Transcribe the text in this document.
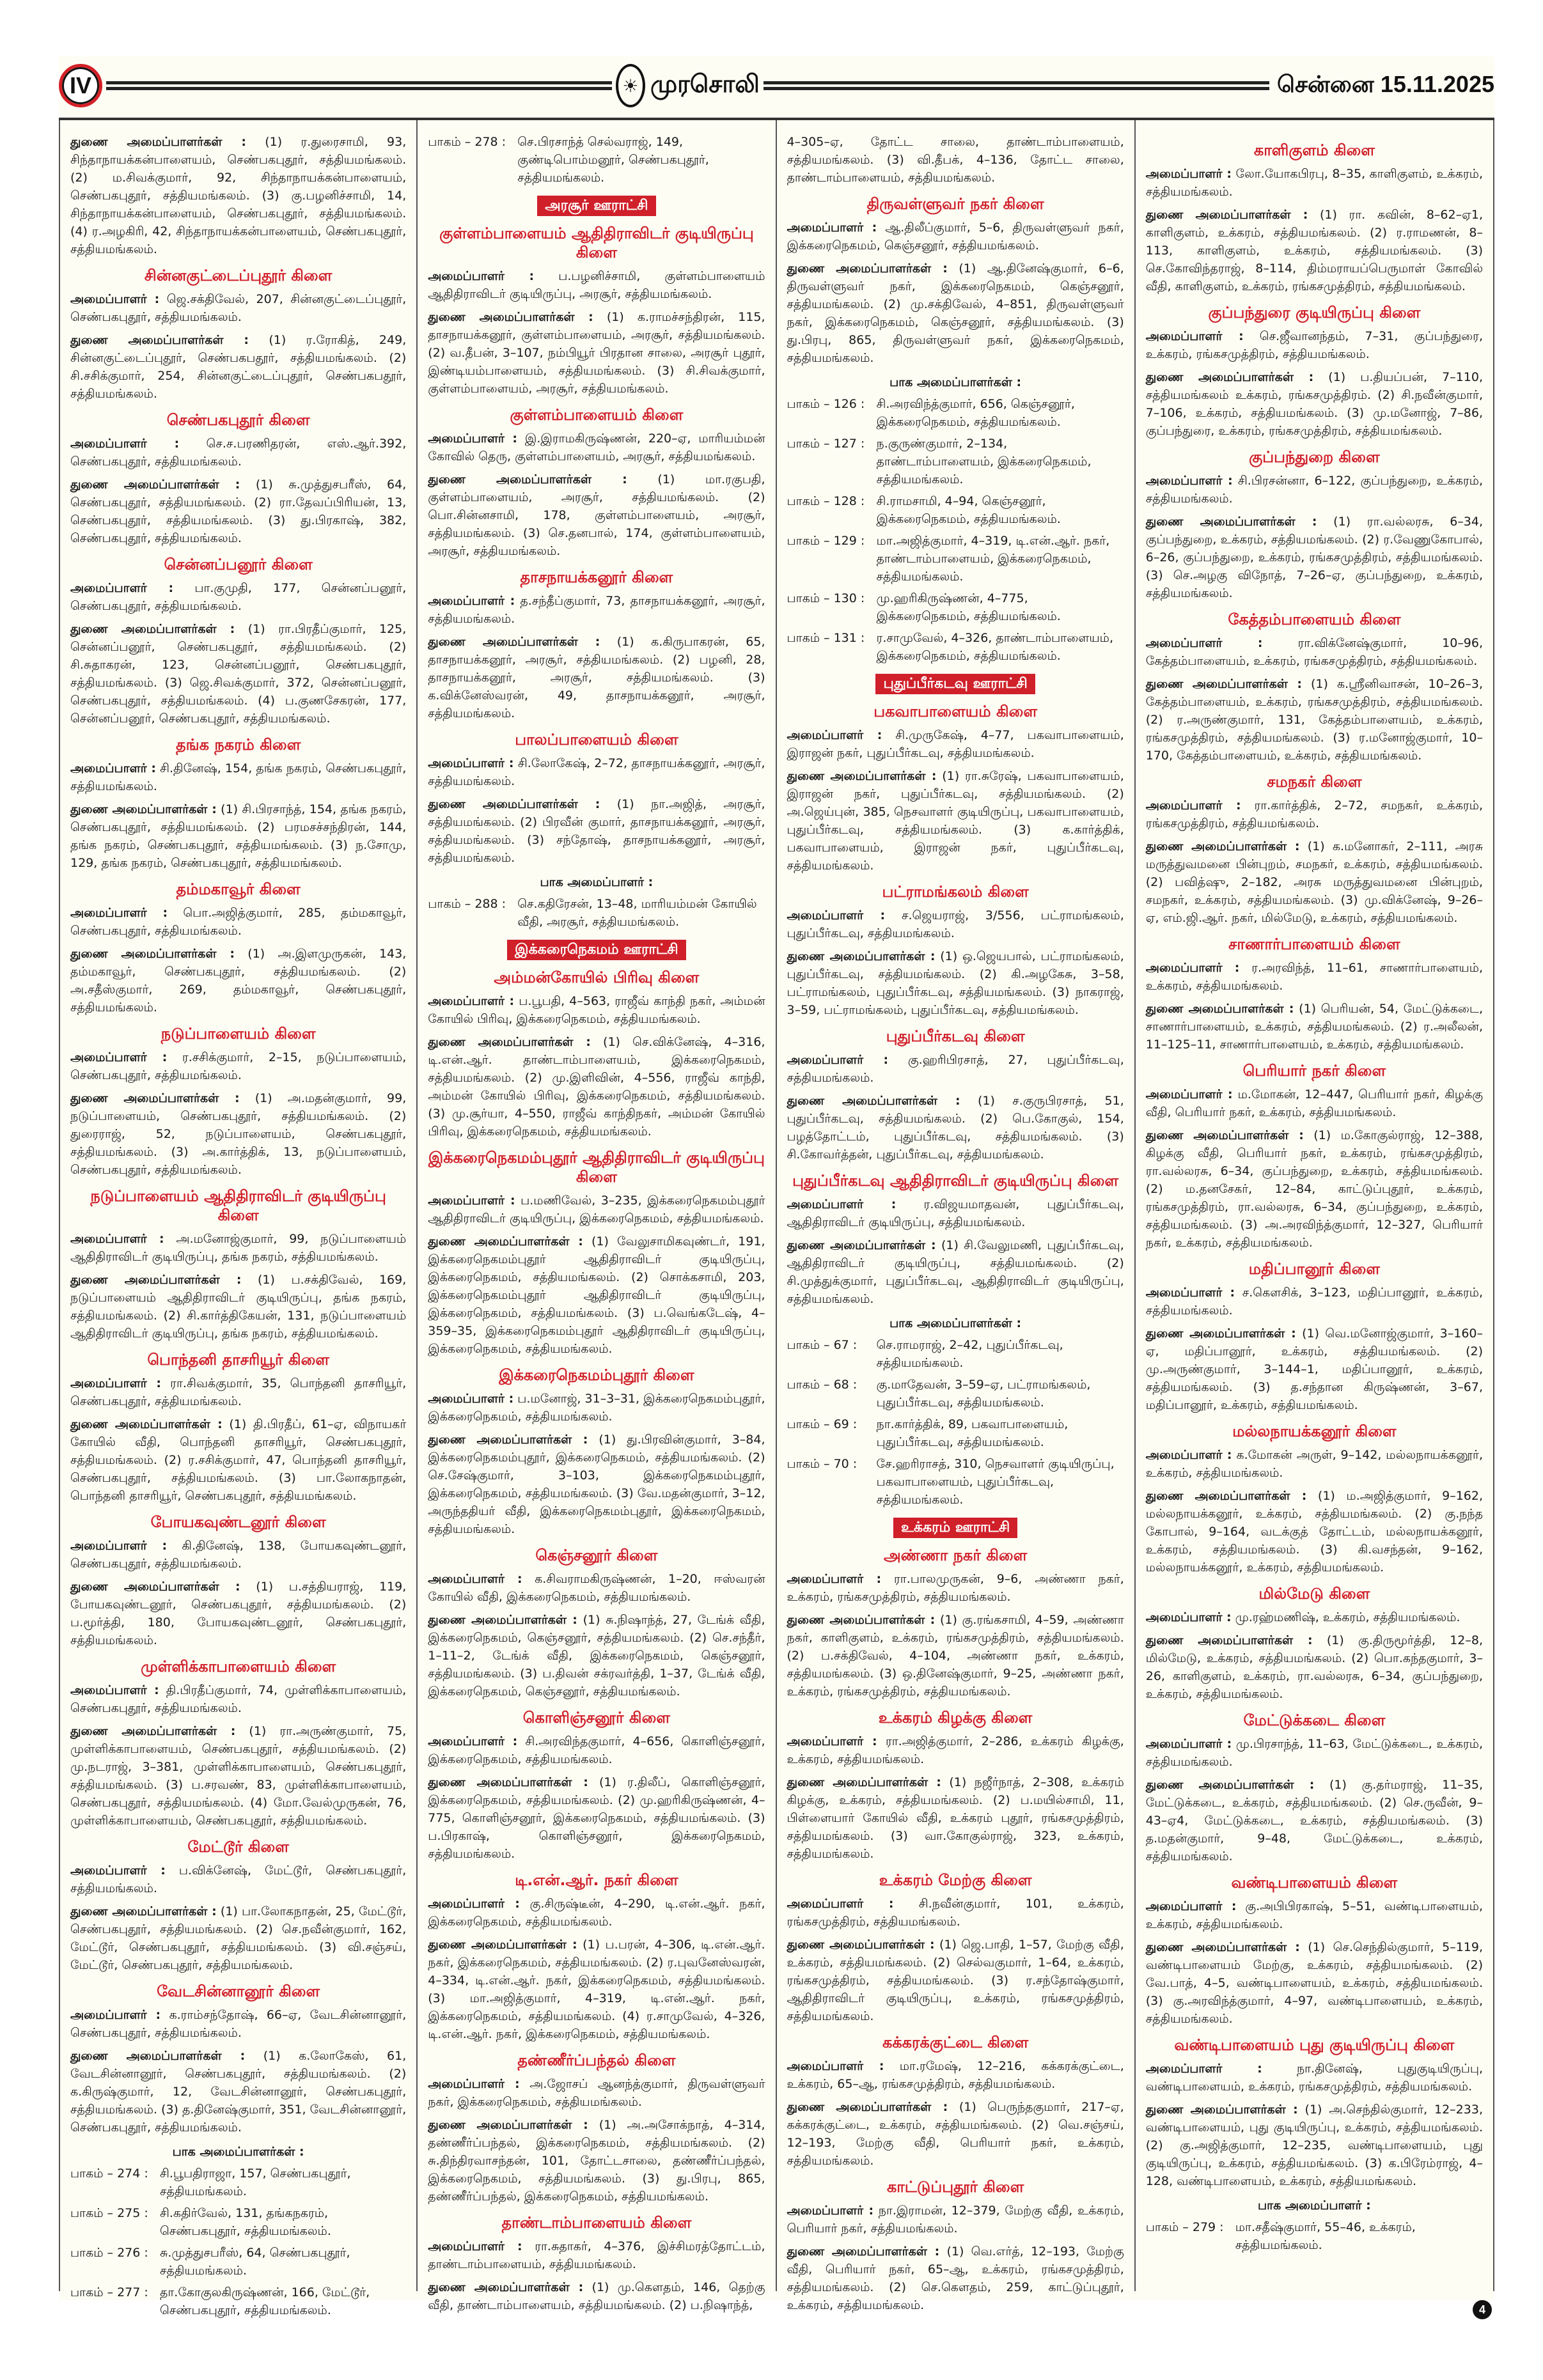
IV	☀ முரசொலி	சென்னை 15.11.2025
துணை அமைப்பாளர்கள் : (1) ர.துரைசாமி, 93, சிந்தாநாயக்கன்பாளையம், செண்பகபுதூர், சத்தியமங்கலம். (2) ம.சிவக்குமார், 92, சிந்தாநாயக்கன்பாளையம், செண்பகபுதூர், சத்தியமங்கலம். (3) கு.பழனிச்சாமி, 14, சிந்தாநாயக்கன்பாளையம், செண்பகபுதூர், சத்தியமங்கலம். (4) ர.அழகிரி, 42, சிந்தாநாயக்கன்பாளையம், செண்பகபுதூர், சத்தியமங்கலம்.
சின்னகுட்டைப்புதூர் கிளை
அமைப்பாளர் : ஜெ.சக்திவேல், 207, சின்னகுட்டைப்புதூர், செண்பகபுதூர், சத்தியமங்கலம்.
துணை அமைப்பாளர்கள் : (1) ர.ரோகித், 249, சின்னகுட்டைப்புதூர், செண்பகபதூர், சத்தியமங்கலம். (2) சி.சசிக்குமார், 254, சின்னகுட்டைப்புதூர், செண்பகபதூர், சத்தியமங்கலம்.
செண்பகபுதூர் கிளை
அமைப்பாளர் : செ.ச.பரணிதரன், எஸ்.ஆர்.392, செண்பகபுதூர், சத்தியமங்கலம்.
துணை அமைப்பாளர்கள் : (1) சு.முத்துசபரீஸ், 64, செண்பகபுதூர், சத்தியமங்கலம். (2) ரா.தேவப்பிரியன், 13, செண்பகபுதூர், சத்தியமங்கலம். (3) து.பிரகாஷ், 382, செண்பகபுதூர், சத்தியமங்கலம்.
சென்னப்பனூர் கிளை
அமைப்பாளர் : பா.குமுதி, 177, சென்னப்பனூர், செண்பகபுதூர், சத்தியமங்கலம்.
துணை அமைப்பாளர்கள் : (1) ரா.பிரதீப்குமார், 125, சென்னப்பனூர், செண்பகபுதூர், சத்தியமங்கலம். (2) சி.சுதாகரன், 123, சென்னப்பனூர், செண்பகபுதூர், சத்தியமங்கலம். (3) ஜெ.சிவக்குமார், 372, சென்னப்பனூர், செண்பகபுதூர், சத்தியமங்கலம். (4) ப.குணசேகரன், 177, சென்னப்பனூர், செண்பகபுதூர், சத்தியமங்கலம்.
தங்க நகரம் கிளை
அமைப்பாளர் : சி.தினேஷ், 154, தங்க நகரம், செண்பகபுதூர், சத்தியமங்கலம்.
துணை அமைப்பாளர்கள் : (1) சி.பிரசாந்த், 154, தங்க நகரம், செண்பகபுதூர், சத்தியமங்கலம். (2) பரமசச்சந்திரன், 144, தங்க நகரம், செண்பகபுதூர், சத்தியமங்கலம். (3) ந.சோமு, 129, தங்க நகரம், செண்பகபுதூர், சத்தியமங்கலம்.
தம்மகாவூர் கிளை
அமைப்பாளர் : பொ.அஜித்குமார், 285, தம்மகாவூர், செண்பகபுதூர், சத்தியமங்கலம்.
துணை அமைப்பாளர்கள் : (1) அ.இளமுருகன், 143, தம்மகாவூர், செண்பகபுதூர், சத்தியமங்கலம். (2) அ.சதீஸ்குமார், 269, தம்மகாவூர், செண்பகபுதூர், சத்தியமங்கலம்.
நடுப்பாளையம் கிளை
அமைப்பாளர் : ர.சசிக்குமார், 2–15, நடுப்பாளையம், செண்பகபுதூர், சத்தியமங்கலம்.
துணை அமைப்பாளர்கள் : (1) அ.மதன்குமார், 99, நடுப்பாளையம், செண்பகபுதூர், சத்தியமங்கலம். (2) துரைராஜ், 52, நடுப்பாளையம், செண்பகபுதூர், சத்தியமங்கலம். (3) அ.கார்த்திக், 13, நடுப்பாளையம், செண்பகபுதூர், சத்தியமங்கலம்.
நடுப்பாளையம் ஆதிதிராவிடர் குடியிருப்பு கிளை
அமைப்பாளர் : அ.மனோஜ்குமார், 99, நடுப்பாளையம் ஆதிதிராவிடர் குடியிருப்பு, தங்க நகரம், சத்தியமங்கலம்.
துணை அமைப்பாளர்கள் : (1) ப.சக்திவேல், 169, நடுப்பாளையம் ஆதிதிராவிடர் குடியிருப்பு, தங்க நகரம், சத்தியமங்கலம். (2) சி.கார்த்திகேயன், 131, நடுப்பாளையம் ஆதிதிராவிடர் குடியிருப்பு, தங்க நகரம், சத்தியமங்கலம்.
பொந்தனி தாசரியூர் கிளை
அமைப்பாளர் : ரா.சிவக்குமார், 35, பொந்தனி தாசரியூர், செண்பகபுதூர், சத்தியமங்கலம்.
துணை அமைப்பாளர்கள் : (1) தி.பிரதீப், 61–ஏ, விநாயகர் கோயில் வீதி, பொந்தனி தாசரியூர், செண்பகபுதூர், சத்தியமங்கலம். (2) ர.சசிக்குமார், 47, பொந்தனி தாசரியூர், செண்பகபுதூர், சத்தியமங்கலம். (3) பா.லோகநாதன், பொந்தனி தாசரியூர், செண்பகபுதூர், சத்தியமங்கலம்.
போயகவுண்டனூர் கிளை
அமைப்பாளர் : கி.தினேஷ், 138, போயகவுண்டனூர், செண்பகபுதூர், சத்தியமங்கலம்.
துணை அமைப்பாளர்கள் : (1) ப.சத்தியராஜ், 119, போயகவுண்டனூர், செண்பகபுதூர், சத்தியமங்கலம். (2) ப.மூர்த்தி, 180, போயகவுண்டனூர், செண்பகபுதூர், சத்தியமங்கலம்.
முள்ளிக்காபாளையம் கிளை
அமைப்பாளர் : தி.பிரதீப்குமார், 74, முள்ளிக்காபாளையம், செண்பகபுதூர், சத்தியமங்கலம்.
துணை அமைப்பாளர்கள் : (1) ரா.அருண்குமார், 75, முள்ளிக்காபாளையம், செண்பகபுதூர், சத்தியமங்கலம். (2) மு.நடராஜ், 3–381, முள்ளிக்காபாளையம், செண்பகபுதூர், சத்தியமங்கலம். (3) ப.சரவண், 83, முள்ளிக்காபாளையம், செண்பகபுதூர், சத்தியமங்கலம். (4) மோ.வேல்முருகன், 76, முள்ளிக்காபாளையம், செண்பகபுதூர், சத்தியமங்கலம்.
மேட்டூர் கிளை
அமைப்பாளர் : ப.விக்னேஷ், மேட்டூர், செண்பகபுதூர், சத்தியமங்கலம்.
துணை அமைப்பாளர்கள் : (1) பா.லோகநாதன், 25, மேட்டூர், செண்பகபுதூர், சத்தியமங்கலம். (2) செ.நவீன்குமார், 162, மேட்டூர், செண்பகபுதூர், சத்தியமங்கலம். (3) வி.சஞ்சய், மேட்டூர், செண்பகபுதூர், சத்தியமங்கலம்.
வேடசின்னானூர் கிளை
அமைப்பாளர் : க.ராம்சந்தோஷ், 66–ஏ, வேடசின்னானூர், செண்பகபுதூர், சத்தியமங்கலம்.
துணை அமைப்பாளர்கள் : (1) க.லோகேஸ், 61, வேடசின்னானூர், செண்பகபுதூர், சத்தியமங்கலம். (2) க.கிருஷ்குமார், 12, வேடசின்னானூர், செண்பகபுதூர், சத்தியமங்கலம். (3) த.தினேஷ்குமார், 351, வேடசின்னானூர், செண்பகபுதூர், சத்தியமங்கலம்.
பாக அமைப்பாளர்கள் :
பாகம் – 274 : சி.பூபதிராஜா, 157, செண்பகபுதூர், சத்தியமங்கலம்.
பாகம் – 275 : சி.கதிர்வேல், 131, தங்கநகரம், செண்பகபுதூர், சத்தியமங்கலம்.
பாகம் – 276 : சு.முத்துசபரீஸ், 64, செண்பகபுதூர், சத்தியமங்கலம்.
பாகம் – 277 : தா.கோகுலகிருஷ்ணன், 166, மேட்டூர், செண்பகபுதூர், சத்தியமங்கலம்.
பாகம் – 278 : செ.பிரசாந்த் செல்வராஜ், 149, குண்டிபொம்மனூர், செண்பகபுதூர், சத்தியமங்கலம்.
அரசூர் ஊராட்சி
குள்ளம்பாளையம் ஆதிதிராவிடர் குடியிருப்பு கிளை
அமைப்பாளர் : ப.பழனிச்சாமி, குள்ளம்பாளையம் ஆதிதிராவிடர் குடியிருப்பு, அரசூர், சத்தியமங்கலம்.
துணை அமைப்பாளர்கள் : (1) க.ராமச்சந்திரன், 115, தாசநாயக்கனூர், குள்ளம்பாளையம், அரசூர், சத்தியமங்கலம். (2) வ.தீபன், 3–107, நம்பியூர் பிரதான சாலை, அரசூர் புதூர், இண்டியம்பாளையம், சத்தியமங்கலம். (3) சி.சிவக்குமார், குள்ளம்பாளையம், அரசூர், சத்தியமங்கலம்.
குள்ளம்பாளையம் கிளை
அமைப்பாளர் : இ.இராமகிருஷ்ணன், 220–ஏ, மாரியம்மன் கோவில் தெரு, குள்ளம்பாளையம், அரசூர், சத்தியமங்கலம்.
துணை அமைப்பாளர்கள் :	(1) மா.ரகுபதி, குள்ளம்பாளையம், அரசூர், சத்தியமங்கலம். (2) பொ.சின்னசாமி, 178, குள்ளம்பாளையம், அரசூர், சத்தியமங்கலம். (3) செ.தனபால், 174, குள்ளம்பாளையம், அரசூர், சத்தியமங்கலம்.
தாசநாயக்கனூர் கிளை
அமைப்பாளர் : த.சந்தீப்குமார், 73, தாசநாயக்கனூர், அரசூர், சத்தியமங்கலம்.
துணை அமைப்பாளர்கள் : (1) க.கிருபாகரன், 65, தாசநாயக்கனூர், அரசூர், சத்தியமங்கலம். (2) பழனி, 28, தாசநாயக்கனூர், அரசூர், சத்தியமங்கலம். (3) க.விக்னேஸ்வரன், 49, தாசநாயக்கனூர், அரசூர், சத்தியமங்கலம்.
பாலப்பாளையம் கிளை
அமைப்பாளர் : சி.லோகேஷ், 2–72, தாசநாயக்கனூர், அரசூர், சத்தியமங்கலம்.
துணை அமைப்பாளர்கள் : (1) நா.அஜித், அரசூர், சத்தியமங்கலம். (2) பிரவீன் குமார், தாசநாயக்கனூர், அரசூர், சத்தியமங்கலம். (3) சந்தோஷ், தாசநாயக்கனூர், அரசூர், சத்தியமங்கலம்.
பாக அமைப்பாளர் :
பாகம் – 288 : செ.கதிரேசன், 13–48, மாரியம்மன் கோயில் வீதி, அரசூர், சத்தியமங்கலம்.
இக்கரைநெகமம் ஊராட்சி
அம்மன்கோயில் பிரிவு கிளை
அமைப்பாளர் : ப.பூபதி, 4–563, ராஜீவ் காந்தி நகர், அம்மன் கோயில் பிரிவு, இக்கரைநெகமம், சத்தியமங்கலம்.
துணை அமைப்பாளர்கள் : (1) செ.விக்னேஷ், 4–316, டி.என்.ஆர். தாண்டாம்பாளையம், இக்கரைநெகமம், சத்தியமங்கலம். (2) மு.இளிவின், 4–556, ராஜீவ் காந்தி, அம்மன் கோயில் பிரிவு, இக்கரைநெகமம், சத்தியமங்கலம். (3) மு.சூர்யா, 4–550, ராஜீவ் காந்திநகர், அம்மன் கோயில் பிரிவு, இக்கரைநெகமம், சத்தியமங்கலம்.
இக்கரைநெகமம்புதூர் ஆதிதிராவிடர் குடியிருப்பு கிளை
அமைப்பாளர் : ப.மணிவேல், 3–235, இக்கரைநெகமம்புதூர் ஆதிதிராவிடர் குடியிருப்பு, இக்கரைநெகமம், சத்தியமங்கலம்.
துணை அமைப்பாளர்கள் : (1) வேலுசாமிகவுண்டர், 191, இக்கரைநெகமம்புதூர் ஆதிதிராவிடர் குடியிருப்பு, இக்கரைநெகமம், சத்தியமங்கலம். (2) சொக்கசாமி, 203, இக்கரைநெகமம்புதூர் ஆதிதிராவிடர் குடியிருப்பு, இக்கரைநெகமம், சத்தியமங்கலம். (3) ப.வெங்கடேஷ், 4–359–35, இக்கரைநெகமம்புதூர் ஆதிதிராவிடர் குடியிருப்பு, இக்கரைநெகமம், சத்தியமங்கலம்.
இக்கரைநெகமம்புதூர் கிளை
அமைப்பாளர் : ப.மனோஜ், 31–3–31, இக்கரைநெகமம்புதூர், இக்கரைநெகமம், சத்தியமங்கலம்.
துணை அமைப்பாளர்கள் : (1) து.பிரவின்குமார், 3–84, இக்கரைநெகமம்புதூர், இக்கரைநெகமம், சத்தியமங்கலம். (2) செ.சேஷ்குமார், 3–103, இக்கரைநெகமம்புதூர், இக்கரைநெகமம், சத்தியமங்கலம். (3) வே.மதன்குமார், 3–12, அருந்ததியர் வீதி, இக்கரைநெகமம்புதூர், இக்கரைநெகமம், சத்தியமங்கலம்.
கெஞ்சனூர் கிளை
அமைப்பாளர் : க.சிவராமகிருஷ்ணன், 1–20, ஈஸ்வரன் கோயில் வீதி, இக்கரைநெகமம், சத்தியமங்கலம்.
துணை அமைப்பாளர்கள் : (1) சு.நிஷாந்த், 27, டேங்க் வீதி, இக்கரைநெகமம், கெஞ்சனூர், சத்தியமங்கலம். (2) செ.சந்தீர், 1–11–2, டேங்க் வீதி, இக்கரைநெகமம், கெஞ்சனூர், சத்தியமங்கலம். (3) ப.திவன் சக்ரவர்த்தி, 1–37, டேங்க் வீதி, இக்கரைநெகமம், கெஞ்சனூர், சத்தியமங்கலம்.
கொளிஞ்சனூர் கிளை
அமைப்பாளர் : சி.அரவிந்தகுமார், 4–656, கொளிஞ்சனூர், இக்கரைநெகமம், சத்தியமங்கலம்.
துணை அமைப்பாளர்கள் : (1) ர.திலீப், கொளிஞ்சனூர், இக்கரைநெகமம், சத்தியமங்கலம். (2) மு.ஹரிகிருஷ்ணன், 4–775, கொளிஞ்சனூர், இக்கரைநெகமம், சத்தியமங்கலம். (3) ப.பிரகாஷ், கொளிஞ்சனூர், இக்கரைநெகமம், சத்தியமங்கலம்.
டி.என்.ஆர். நகர் கிளை
அமைப்பாளர் : கு.சிருஷ்டீன், 4–290, டி.என்.ஆர். நகர், இக்கரைநெகமம், சத்தியமங்கலம்.
துணை அமைப்பாளர்கள் : (1) ப.பரன், 4–306, டி.என்.ஆர். நகர், இக்கரைநெகமம், சத்தியமங்கலம். (2) ர.புவனேஸ்வரன், 4–334, டி.என்.ஆர். நகர், இக்கரைநெகமம், சத்தியமங்கலம். (3) மா.அஜித்குமார், 4–319, டி.என்.ஆர். நகர், இக்கரைநெகமம், சத்தியமங்கலம். (4) ர.சாமுவேல், 4–326, டி.என்.ஆர். நகர், இக்கரைநெகமம், சத்தியமங்கலம்.
தண்ணீர்ப்பந்தல் கிளை
அமைப்பாளர் : அ.ஜோசப் ஆனந்த்குமார், திருவள்ளுவர் நகர், இக்கரைநெகமம், சத்தியமங்கலம்.
துணை அமைப்பாளர்கள் : (1) அ.அசோக்நாத், 4–314, தண்ணீர்ப்பந்தல், இக்கரைநெகமம், சத்தியமங்கலம். (2) சு.திந்திரவாசந்தன், 101, தோட்டசாலை, தண்ணீர்ப்பந்தல், இக்கரைநெகமம், சத்தியமங்கலம். (3) து.பிரபு, 865, தண்ணீர்ப்பந்தல், இக்கரைநெகமம், சத்தியமங்கலம்.
தாண்டாம்பாளையம் கிளை
அமைப்பாளர் : ரா.சுதாகர், 4–376, இச்சிமரத்தோட்டம், தாண்டாம்பாளையம், சத்தியமங்கலம்.
துணை அமைப்பாளர்கள் : (1) மு.கௌதம், 146, தெற்கு வீதி, தாண்டாம்பாளையம், சத்தியமங்கலம். (2) ப.நிஷாந்த்,
4–305–ஏ, தோட்ட சாலை, தாண்டாம்பாளையம், சத்தியமங்கலம். (3) வி.தீபக், 4–136, தோட்ட சாலை, தாண்டாம்பாளையம், சத்தியமங்கலம்.
திருவள்ளுவர் நகர் கிளை
அமைப்பாளர் : ஆ.திலீப்குமார், 5–6, திருவள்ளுவர் நகர், இக்கரைநெகமம், கெஞ்சனூர், சத்தியமங்கலம்.
துணை அமைப்பாளர்கள் : (1) ஆ.தினேஷ்குமார், 6–6, திருவள்ளுவர் நகர், இக்கரைநெகமம், கெஞ்சனூர், சத்தியமங்கலம். (2) மு.சக்திவேல், 4–851, திருவள்ளுவர் நகர், இக்கரைநெகமம், கெஞ்சனூர், சத்தியமங்கலம். (3) து.பிரபு, 865, திருவள்ளுவர் நகர், இக்கரைநெகமம், சத்தியமங்கலம்.
பாக அமைப்பாளர்கள் :
பாகம் – 126 : சி.அரவிந்த்குமார், 656, கெஞ்சனூர், இக்கரைநெகமம், சத்தியமங்கலம்.
பாகம் – 127 : ந.குருண்குமார், 2–134, தாண்டாம்பாளையம், இக்கரைநெகமம், சத்தியமங்கலம்.
பாகம் – 128 : சி.ராமசாமி, 4–94, கெஞ்சனூர், இக்கரைநெகமம், சத்தியமங்கலம்.
பாகம் – 129 : மா.அஜித்குமார், 4–319, டி.என்.ஆர். நகர், தாண்டாம்பாளையம், இக்கரைநெகமம், சத்தியமங்கலம்.
பாகம் – 130 : மு.ஹரிகிருஷ்ணன், 4–775, இக்கரைநெகமம், சத்தியமங்கலம்.
பாகம் – 131 : ர.சாமுவேல், 4–326, தாண்டாம்பாளையம், இக்கரைநெகமம், சத்தியமங்கலம்.
புதுப்பீர்கடவு ஊராட்சி
பகவாபாளையம் கிளை
அமைப்பாளர் : சி.முருகேஷ், 4–77, பகவாபாளையம், இராஜன் நகர், புதுப்பீர்கடவு, சத்தியமங்கலம்.
துணை அமைப்பாளர்கள் : (1) ரா.சுரேஷ், பகவாபாளையம், இராஜன் நகர், புதுப்பீர்கடவு, சத்தியமங்கலம். (2) அ.ஜெய்புன், 385, நெசவாளர் குடியிருப்பு, பகவாபாளையம், புதுப்பீர்கடவு, சத்தியமங்கலம். (3) க.கார்த்திக், பகவாபாளையம், இராஜன் நகர், புதுப்பீர்கடவு, சத்தியமங்கலம்.
பட்ராமங்கலம் கிளை
அமைப்பாளர் : ச.ஜெயராஜ், 3/556, பட்ராமங்கலம், புதுப்பீர்கடவு, சத்தியமங்கலம்.
துணை அமைப்பாளர்கள் : (1) ஒ.ஜெயபால், பட்ராமங்கலம், புதுப்பீர்கடவு, சத்தியமங்கலம். (2) கி.அழகேசு, 3–58, பட்ராமங்கலம், புதுப்பீர்கடவு, சத்தியமங்கலம். (3) நாகராஜ், 3–59, பட்ராமங்கலம், புதுப்பீர்கடவு, சத்தியமங்கலம்.
புதுப்பீர்கடவு கிளை
அமைப்பாளர் : கு.ஹரிபிரசாத், 27, புதுப்பீர்கடவு, சத்தியமங்கலம்.
துணை அமைப்பாளர்கள் : (1) ச.குருபிரசாத், 51, புதுப்பீர்கடவு, சத்தியமங்கலம். (2) பெ.கோகுல், 154, பழத்தோட்டம், புதுப்பீர்கடவு, சத்தியமங்கலம். (3) சி.கோவர்த்தன், புதுப்பீர்கடவு, சத்தியமங்கலம்.
புதுப்பீர்கடவு ஆதிதிராவிடர் குடியிருப்பு கிளை
அமைப்பாளர் : ர.விஜயமாதவன், புதுப்பீர்கடவு, ஆதிதிராவிடர் குடியிருப்பு, சத்தியமங்கலம்.
துணை அமைப்பாளர்கள் : (1) சி.வேலுமணி, புதுப்பீர்கடவு, ஆதிதிராவிடர் குடியிருப்பு, சத்தியமங்கலம். (2) சி.முத்துக்குமார், புதுப்பீர்கடவு, ஆதிதிராவிடர் குடியிருப்பு, சத்தியமங்கலம்.
பாக அமைப்பாளர்கள் :
பாகம் – 67 :	செ.ராமராஜ், 2–42, புதுப்பீர்கடவு, சத்தியமங்கலம்.
பாகம் – 68 :	கு.மாதேவன், 3–59–ஏ, பட்ராமங்கலம், புதுப்பீர்கடவு, சத்தியமங்கலம்.
பாகம் – 69 :	நா.கார்த்திக், 89, பகவாபாளையம், புதுப்பீர்கடவு, சத்தியமங்கலம்.
பாகம் – 70 :	சே.ஹரிராசத், 310, நெசவாளர் குடியிருப்பு, பகவாபாளையம், புதுப்பீர்கடவு, சத்தியமங்கலம்.
உக்கரம் ஊராட்சி
அண்ணா நகர் கிளை
அமைப்பாளர் : ரா.பாலமுருகன், 9–6, அண்ணா நகர், உக்கரம், ரங்கசமுத்திரம், சத்தியமங்கலம்.
துணை அமைப்பாளர்கள் : (1) கு.ரங்கசாமி, 4–59, அண்ணா நகர், காளிகுளம், உக்கரம், ரங்கசமுத்திரம், சத்தியமங்கலம். (2) ப.சக்திவேல், 4–104, அண்ணா நகர், உக்கரம், சத்தியமங்கலம். (3) ஒ.தினேஷ்குமார், 9–25, அண்ணா நகர், உக்கரம், ரங்கசமுத்திரம், சத்தியமங்கலம்.
உக்கரம் கிழக்கு கிளை
அமைப்பாளர் : ரா.அஜித்குமார், 2–286, உக்கரம் கிழக்கு, உக்கரம், சத்தியமங்கலம்.
துணை அமைப்பாளர்கள் : (1) நஜீர்நாத், 2–308, உக்கரம் கிழக்கு, உக்கரம், சத்தியமங்கலம். (2) ப.மயில்சாமி, 11, பிள்ளையார் கோயில் வீதி, உக்கரம் புதூர், ரங்கசமுத்திரம், சத்தியமங்கலம். (3) வா.கோகுல்ராஜ், 323, உக்கரம், சத்தியமங்கலம்.
உக்கரம் மேற்கு கிளை
அமைப்பாளர் : சி.நவீன்குமார், 101, உக்கரம், ரங்கசமுத்திரம், சத்தியமங்கலம்.
துணை அமைப்பாளர்கள் : (1) ஜெ.பாதி, 1–57, மேற்கு வீதி, உக்கரம், சத்தியமங்கலம். (2) செல்வகுமார், 1–64, உக்கரம், ரங்கசமுத்திரம், சத்தியமங்கலம். (3) ர.சந்தோஷ்குமார், ஆதிதிராவிடர் குடியிருப்பு, உக்கரம், ரங்கசமுத்திரம், சத்தியமங்கலம்.
கக்கரக்குட்டை கிளை
அமைப்பாளர் : மா.ரமேஷ், 12–216, கக்கரக்குட்டை, உக்கரம், 65–ஆ, ரங்கசமுத்திரம், சத்தியமங்கலம்.
துணை அமைப்பாளர்கள் : (1) பெருந்தகுமார், 217–ஏ, கக்கரக்குட்டை, உக்கரம், சத்தியமங்கலம். (2) வெ.சஞ்சய், 12–193, மேற்கு வீதி, பெரியார் நகர், உக்கரம், சத்தியமங்கலம்.
காட்டுப்புதூர் கிளை
அமைப்பாளர் : நா.இராமன், 12–379, மேற்கு வீதி, உக்கரம், பெரியார் நகர், சத்தியமங்கலம்.
துணை அமைப்பாளர்கள் : (1) வெ.எர்த், 12–193, மேற்கு வீதி, பெரியார் நகர், 65–ஆ, உக்கரம், ரங்கசமுத்திரம், சத்தியமங்கலம். (2) செ.கௌதம், 259, காட்டுப்புதூர், உக்கரம், சத்தியமங்கலம்.
காளிகுளம் கிளை
அமைப்பாளர் : லோ.யோகபிரபு, 8–35, காளிகுளம், உக்கரம், சத்தியமங்கலம்.
துணை அமைப்பாளர்கள் : (1) ரா. கவின், 8–62–ஏ1, காளிகுளம், உக்கரம், சத்தியமங்கலம். (2) ர.ராமணன், 8–113, காளிகுளம், உக்கரம், சத்தியமங்கலம். (3) செ.கோவிந்தராஜ், 8–114, திம்மராயப்பெருமாள் கோவில் வீதி, காளிகுளம், உக்கரம், ரங்கசமுத்திரம், சத்தியமங்கலம்.
குப்பந்துரை குடியிருப்பு கிளை
அமைப்பாளர் : செ.ஜீவானந்தம், 7–31, குப்பந்துரை, உக்கரம், ரங்கசமுத்திரம், சத்தியமங்கலம்.
துணை அமைப்பாளர்கள் : (1) ப.தியப்பன், 7–110, சத்தியமங்கலம் உக்கரம், ரங்கசமுத்திரம். (2) சி.நவீன்குமார், 7–106, உக்கரம், சத்தியமங்கலம். (3) மு.மனோஜ், 7–86, குப்பந்துரை, உக்கரம், ரங்கசமுத்திரம், சத்தியமங்கலம்.
குப்பந்துறை கிளை
அமைப்பாளர் : சி.பிரசன்னா, 6–122, குப்பந்துறை, உக்கரம், சத்தியமங்கலம்.
துணை அமைப்பாளர்கள் : (1) ரா.வல்லரசு, 6–34, குப்பந்துறை, உக்கரம், சத்தியமங்கலம். (2) ர.வேணுகோபால், 6–26, குப்பந்துறை, உக்கரம், ரங்கசமுத்திரம், சத்தியமங்கலம். (3) செ.அழகு விநோத், 7–26–ஏ, குப்பந்துறை, உக்கரம், சத்தியமங்கலம்.
கேத்தம்பாளையம் கிளை
அமைப்பாளர் :	ரா.விக்னேஷ்குமார், 10–96, கேத்தம்பாளையம், உக்கரம், ரங்கசமுத்திரம், சத்தியமங்கலம்.
துணை அமைப்பாளர்கள் : (1) க.ஸ்ரீனிவாசன், 10–26–3, கேத்தம்பாளையம், உக்கரம், ரங்கசமுத்திரம், சத்தியமங்கலம். (2) ர.அருண்குமார், 131, கேத்தம்பாளையம், உக்கரம், ரங்கசமுத்திரம், சத்தியமங்கலம். (3) ர.மனோஜ்குமார், 10–170, கேத்தம்பாளையம், உக்கரம், சத்தியமங்கலம்.
சமநகர் கிளை
அமைப்பாளர் : ரா.கார்த்திக், 2–72, சமநகர், உக்கரம், ரங்கசமுத்திரம், சத்தியமங்கலம்.
துணை அமைப்பாளர்கள் : (1) க.மனோகர், 2–111, அரசு மருத்துவமனை பின்புறம், சமநகர், உக்கரம், சத்தியமங்கலம். (2) பவித்ஷு, 2–182, அரசு மருத்துவமனை பின்புறம், சமநகர், உக்கரம், சத்தியமங்கலம். (3) மு.விக்னேஷ், 9–26–ஏ, எம்.ஜி.ஆர். நகர், மில்மேடு, உக்கரம், சத்தியமங்கலம்.
சாணார்பாளையம் கிளை
அமைப்பாளர் : ர.அரவிந்த், 11–61, சாணார்பாளையம், உக்கரம், சத்தியமங்கலம்.
துணை அமைப்பாளர்கள் : (1) பெரியன், 54, மேட்டுக்கடை, சாணார்பாளையம், உக்கரம், சத்தியமங்கலம். (2) ர.அலீலன், 11–125–11, சாணார்பாளையம், உக்கரம், சத்தியமங்கலம்.
பெரியார் நகர் கிளை
அமைப்பாளர் : ம.மோகன், 12–447, பெரியார் நகர், கிழக்கு வீதி, பெரியார் நகர், உக்கரம், சத்தியமங்கலம்.
துணை அமைப்பாளர்கள் : (1) ம.கோகுல்ராஜ், 12–388, கிழக்கு வீதி, பெரியார் நகர், உக்கரம், ரங்கசமுத்திரம், ரா.வல்லரசு, 6–34, குப்பந்துறை, உக்கரம், சத்தியமங்கலம். (2) ம.தனசேகர், 12–84, காட்டுப்புதூர், உக்கரம், ரங்கசமுத்திரம், ரா.வல்லரசு, 6–34, குப்பந்துறை, உக்கரம், சத்தியமங்கலம். (3) அ.அரவிந்த்குமார், 12–327, பெரியார் நகர், உக்கரம், சத்தியமங்கலம்.
மதிப்பானூர் கிளை
அமைப்பாளர் : ச.கௌசிக், 3–123, மதிப்பானூர், உக்கரம், சத்தியமங்கலம்.
துணை அமைப்பாளர்கள் : (1) வெ.மனோஜ்குமார், 3–160–ஏ, மதிப்பானூர், உக்கரம், சத்தியமங்கலம். (2) மு.அருண்குமார், 3–144–1, மதிப்பானூர், உக்கரம், சத்தியமங்கலம். (3) த.சந்தான கிருஷ்ணன், 3–67, மதிப்பானூர், உக்கரம், சத்தியமங்கலம்.
மல்லநாயக்கனூர் கிளை
அமைப்பாளர் : க.மோகன் அருள், 9–142, மல்லநாயக்கனூர், உக்கரம், சத்தியமங்கலம்.
துணை அமைப்பாளர்கள் : (1) ம.அஜித்குமார், 9–162, மல்லநாயக்கனூர், உக்கரம், சத்தியமங்கலம். (2) கு.நந்த கோபால், 9–164, வடக்குத் தோட்டம், மல்லநாயக்கனூர், உக்கரம், சத்தியமங்கலம். (3) கி.வசந்தன், 9–162, மல்லநாயக்கனூர், உக்கரம், சத்தியமங்கலம்.
மில்மேடு கிளை
அமைப்பாளர் : மு.ரஹ்மணிஷ், உக்கரம், சத்தியமங்கலம்.
துணை அமைப்பாளர்கள் : (1) கு.திருமூர்த்தி, 12–8, மில்மேடு, உக்கரம், சத்தியமங்கலம். (2) பொ.கந்தகுமார், 3–26, காளிகுளம், உக்கரம், ரா.வல்லரசு, 6–34, குப்பந்துறை, உக்கரம், சத்தியமங்கலம்.
மேட்டுக்கடை கிளை
அமைப்பாளர் : மு.பிரசாந்த், 11–63, மேட்டுக்கடை, உக்கரம், சத்தியமங்கலம்.
துணை அமைப்பாளர்கள் : (1) கு.தர்மராஜ், 11–35, மேட்டுக்கடை, உக்கரம், சத்தியமங்கலம். (2) செ.ருவீன், 9–43–ஏ4, மேட்டுக்கடை, உக்கரம், சத்தியமங்கலம். (3) த.மதன்குமார், 9–48, மேட்டுக்கடை, உக்கரம், சத்தியமங்கலம்.
வண்டிபாளையம் கிளை
அமைப்பாளர் : கு.அபிபிரகாஷ், 5–51, வண்டிபாளையம், உக்கரம், சத்தியமங்கலம்.
துணை அமைப்பாளர்கள் : (1) செ.செந்தில்குமார், 5–119, வண்டிபாளையம் மேற்கு, உக்கரம், சத்தியமங்கலம். (2) வே.பாத், 4–5, வண்டிபாளையம், உக்கரம், சத்தியமங்கலம். (3) கு.அரவிந்த்குமார், 4–97, வண்டிபாளையம், உக்கரம், சத்தியமங்கலம்.
வண்டிபாளையம் புது குடியிருப்பு கிளை
அமைப்பாளர் :	நா.தினேஷ், புதுகுடியிருப்பு, வண்டிபாளையம், உக்கரம், ரங்கசமுத்திரம், சத்தியமங்கலம்.
துணை அமைப்பாளர்கள் : (1) அ.செந்தில்குமார், 12–233, வண்டிபாளையம், புது குடியிருப்பு, உக்கரம், சத்தியமங்கலம். (2) கு.அஜித்குமார், 12–235, வண்டிபாளையம், புது குடியிருப்பு, உக்கரம், சத்தியமங்கலம். (3) க.பிரேம்ராஜ், 4–128, வண்டிபாளையம், உக்கரம், சத்தியமங்கலம்.
பாக அமைப்பாளர் :
பாகம் – 279 : மா.சதீஷ்குமார், 55–46, உக்கரம், சத்தியமங்கலம்.
4
